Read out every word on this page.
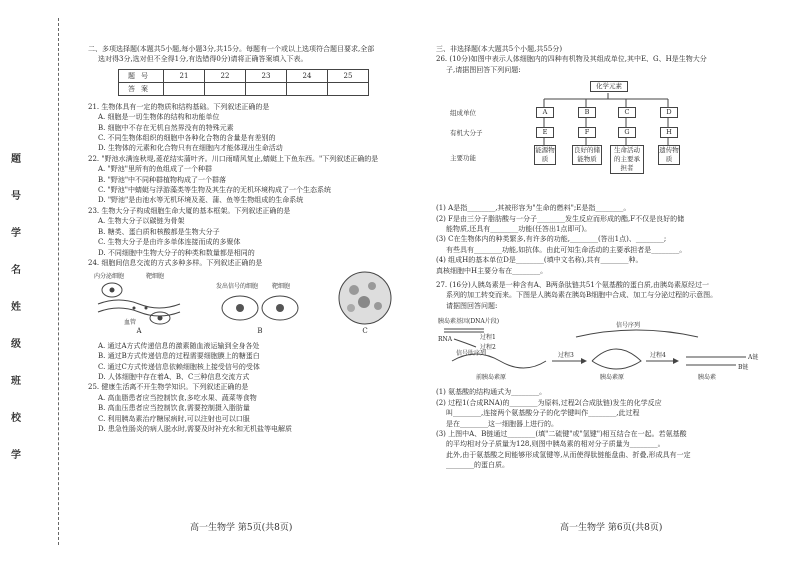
题
号
学
名
姓
级
班
校
学
二、多项选择题(本题共5小题,每小题3分,共15分。每题有一个或以上选项符合题目要求,全部
选对得3分,选对但不全得1分,有选错得0分)请将正确答案填入下表。
题号	21	22	23	24	25
答案					
21. 生物体具有一定的物质和结构基础。下列叙述正确的是
A. 细胞是一切生物体的结构和功能单位
B. 细胞中不存在无机自然界没有的特殊元素
C. 不同生物体组织的细胞中各种化合物的含量是有差别的
D. 生物体的元素和化合物只有在细胞内才能体现出生命活动
22. "野池水满连秋堤,菱花结实蒲叶齐。川口雨晴风复止,蜻蜓上下鱼东西。"下列叙述正确的是
A. "野池"里所有的鱼组成了一个种群
B. "野池"中不同种群植物构成了一个群落
C. "野池"中蜻蜓与浮游藻类等生物及其生存的无机环境构成了一个生态系统
D. "野池"是由池水等无机环境及菱、蒲、鱼等生物组成的生命系统
23. 生物大分子构成细胞生命大厦的基本框架。下列叙述正确的是
A. 生物大分子以碳链为骨架
B. 糖类、蛋白质和核酸都是生物大分子
C. 生物大分子是由许多单体连接而成的多聚体
D. 不同细胞中生物大分子的种类和数量都是相同的
24. 细胞间信息交流的方式多种多样。下列叙述正确的是
内分泌细胞	靶细胞
血管
A
发出信号的细胞 靶细胞
B	C
A. 通过A方式传递信息的激素随血液运输到全身各处
B. 通过B方式传递信息的过程需要细胞膜上的糖蛋白
C. 通过C方式传递信息依赖细胞核上接受信号的受体
D. 人体细胞中存在着A、B、C三种信息交流方式
25. 健康生活离不开生物学知识。下列叙述正确的是
A. 高血脂患者应当控制饮食,多吃水果、蔬菜等食物
B. 高血压患者应当控制饮食,需要控制摄入脂肪量
C. 利用胰岛素治疗糖尿病时,可以注射也可以口服
D. 患急性肠炎的病人脱水时,需要及时补充水和无机盐等电解质
高一生物学 第5页(共8页)
三、非选择题(本大题共5个小题,共55分)
26. (10分)如图中表示人体细胞内的四种有机物及其组成单位,其中E、G、H是生物大分
子,请据图回答下列问题:
化学元素
组成单位
有机大分子
主要功能
A	B	C	D
E	F	G	H
能源物质
良好的储能物质
生命活动的主要承担者
遗传物质
(1) A是指________,其被形容为"生命的燃料";E是指________。
(2) F是由三分子脂肪酸与一分子________发生反应而形成的酯,F不仅是良好的储
能物质,还具有________功能(任答出1点即可)。
(3) C在生物体内的种类繁多,有许多的功能,________(答出1点)、________;
有些具有________功能,如抗体。由此可知生命活动的主要承担者是________。
(4) 组成H的基本单位D是________(填中文名称),共有________种。
真核细胞中H主要分布在________。
27. (16分)人胰岛素是一种含有A、B两条肽链共51个氨基酸的蛋白质,由胰岛素原经过一
系列的加工转变而来。下图是人胰岛素在胰岛B细胞中合成、加工与分泌过程的示意图。
请据图回答问题:
胰岛素基因(DNA片段)
RNA	过程1
过程2
信号序列
信号肽序列	过程3	过程4	A链
B链
前胰岛素原	胰岛素原	胰岛素
(1) 氨基酸的结构通式为________。
(2) 过程1(合成RNA)的________为原料,过程2(合成肽链)发生的化学反应
叫________,连接两个氨基酸分子的化学键叫作________,此过程
是在________这一细胞器上进行的。
(3) 上图中A、B链通过________(填"二硫键"或"氢键")相互结合在一起。若氨基酸
的平均相对分子质量为128,则图中胰岛素的相对分子质量为________。
此外,由于氨基酸之间能够形成氢键等,从而使得肽链能盘曲、折叠,形成具有一定
________的蛋白质。
高一生物学 第6页(共8页)
